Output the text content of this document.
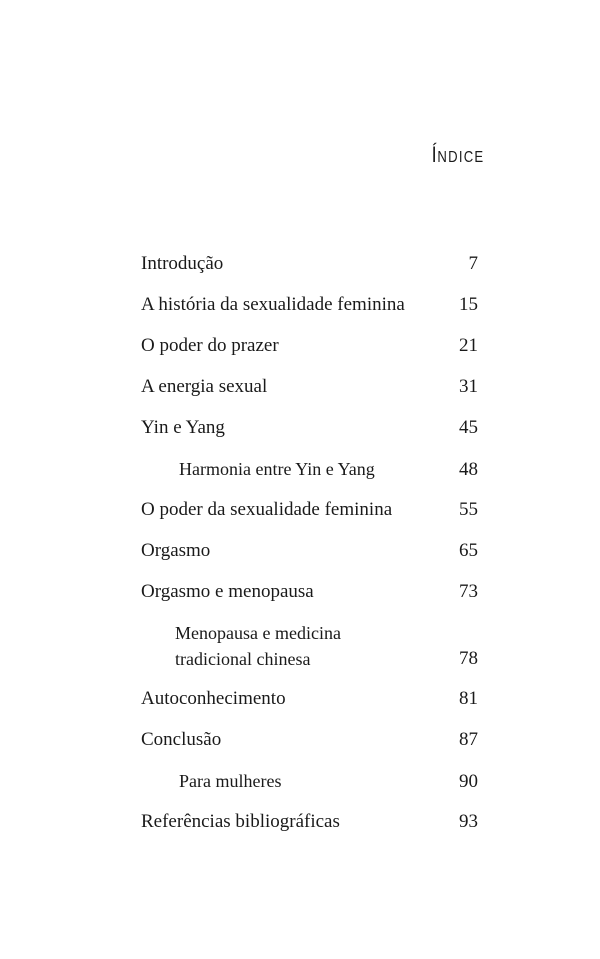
ÍNDICE
Introdução	7
A história da sexualidade feminina	15
O poder do prazer	21
A energia sexual	31
Yin e Yang	45
Harmonia entre Yin e Yang	48
O poder da sexualidade feminina	55
Orgasmo	65
Orgasmo e menopausa	73
Menopausa e medicina
tradicional chinesa	78
Autoconhecimento	81
Conclusão	87
Para mulheres	90
Referências bibliográficas	93
